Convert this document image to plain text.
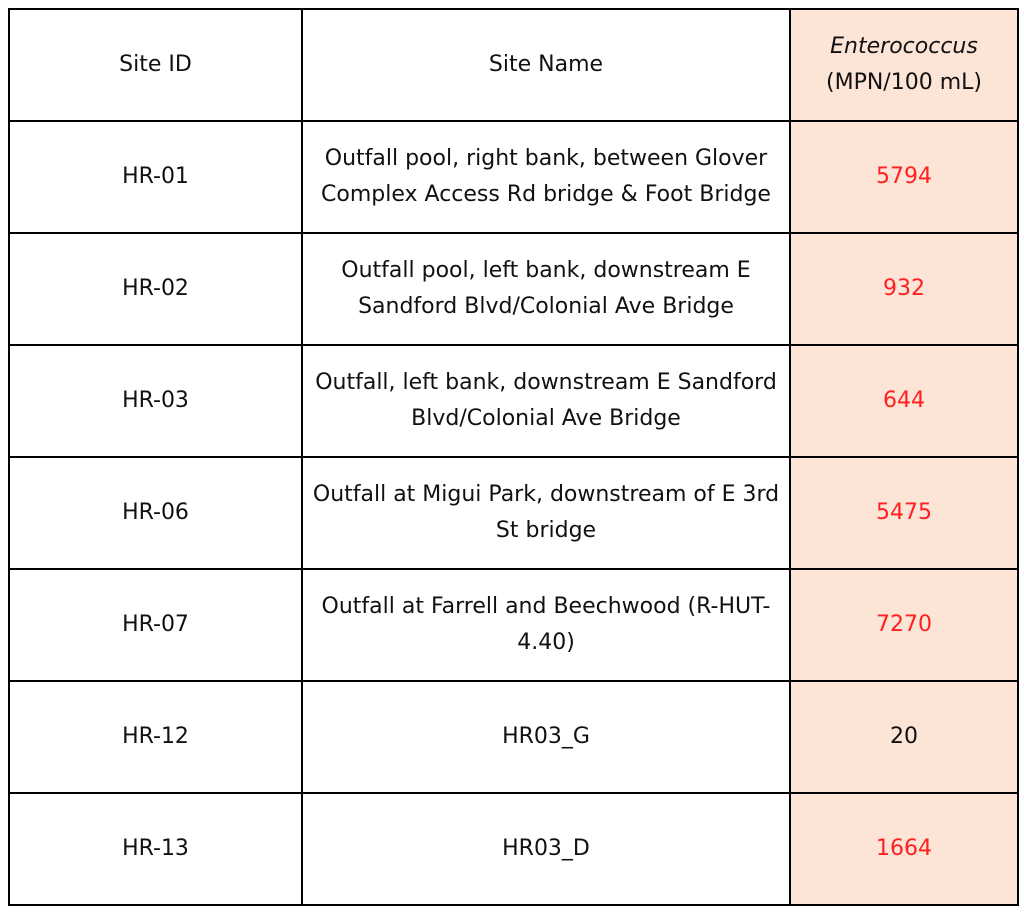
Site ID	Site Name	Enterococcus
(MPN/100 mL)

HR-01	Outfall pool, right bank, between Glover
Complex Access Rd bridge & Foot Bridge	5794
HR-02	Outfall pool, left bank, downstream E
Sandford Blvd/Colonial Ave Bridge	932
HR-03	Outfall, left bank, downstream E Sandford
Blvd/Colonial Ave Bridge	644
HR-06	Outfall at Migui Park, downstream of E 3rd
St bridge	5475
HR-07	Outfall at Farrell and Beechwood (R-HUT-
4.40)	7270
HR-12	HR03_G	20
HR-13	HR03_D	1664
